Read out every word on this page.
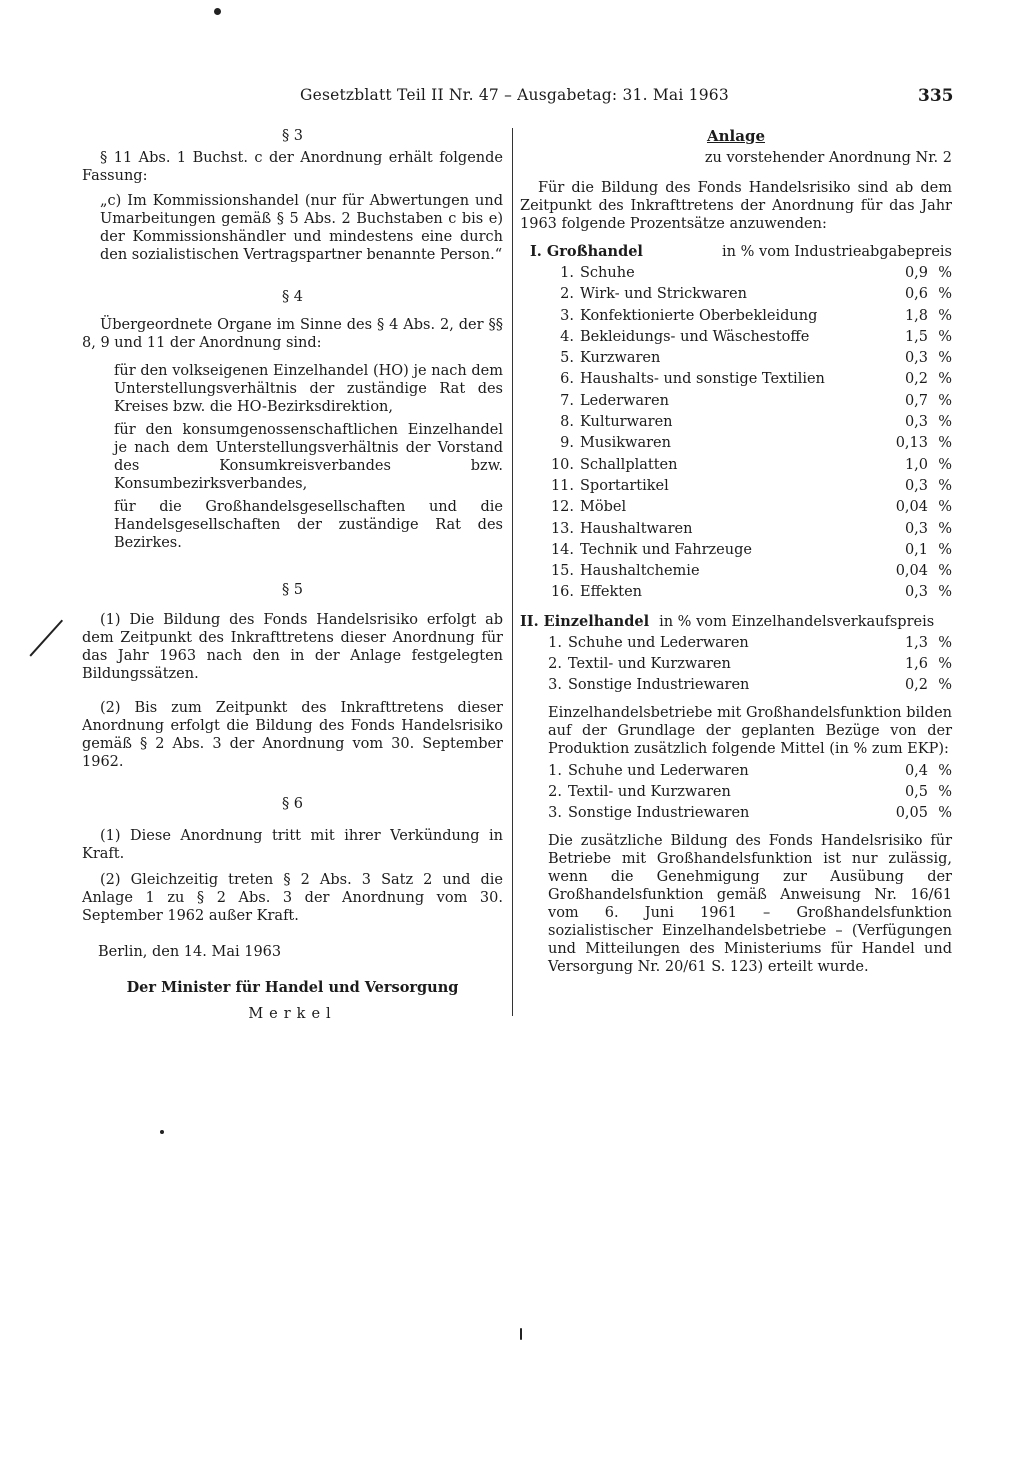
Gesetzblatt Teil II Nr. 47 – Ausgabetag: 31. Mai 1963	335
§ 3

§ 11 Abs. 1 Buchst. c der Anordnung erhält folgende Fassung:

„c) Im Kommissionshandel (nur für Abwertungen und Umarbeitungen gemäß § 5 Abs. 2 Buchstaben c bis e) der Kommissionshändler und mindestens eine durch den sozialistischen Vertragspartner benannte Person.“

§ 4

Übergeordnete Organe im Sinne des § 4 Abs. 2, der §§ 8, 9 und 11 der Anordnung sind:

für den volkseigenen Einzelhandel (HO) je nach dem Unterstellungsverhältnis der zuständige Rat des Kreises bzw. die HO-Bezirksdirektion,

für den konsumgenossenschaftlichen Einzelhandel je nach dem Unterstellungsverhältnis der Vorstand des Konsumkreisverbandes bzw. Konsumbezirksverbandes,

für die Großhandelsgesellschaften und die Handelsgesellschaften der zuständige Rat des Bezirkes.

§ 5

(1) Die Bildung des Fonds Handelsrisiko erfolgt ab dem Zeitpunkt des Inkrafttretens dieser Anordnung für das Jahr 1963 nach den in der Anlage festgelegten Bildungssätzen.

(2) Bis zum Zeitpunkt des Inkrafttretens dieser Anordnung erfolgt die Bildung des Fonds Handelsrisiko gemäß § 2 Abs. 3 der Anordnung vom 30. September 1962.

§ 6

(1) Diese Anordnung tritt mit ihrer Verkündung in Kraft.

(2) Gleichzeitig treten § 2 Abs. 3 Satz 2 und die Anlage 1 zu § 2 Abs. 3 der Anordnung vom 30. September 1962 außer Kraft.

Berlin, den 14. Mai 1963
Der Minister für Handel und Versorgung
Merkel
Anlage
zu vorstehender Anordnung Nr. 2

Für die Bildung des Fonds Handelsrisiko sind ab dem Zeitpunkt des Inkrafttretens der Anordnung für das Jahr 1963 folgende Prozentsätze anzuwenden:

I. Großhandel	in % vom Industrieabgabepreis
1. Schuhe	0,9 %
2. Wirk- und Strickwaren	0,6 %
3. Konfektionierte Oberbekleidung	1,8 %
4. Bekleidungs- und Wäschestoffe	1,5 %
5. Kurzwaren	0,3 %
6. Haushalts- und sonstige Textilien	0,2 %
7. Lederwaren	0,7 %
8. Kulturwaren	0,3 %
9. Musikwaren	0,13 %
10. Schallplatten	1,0 %
11. Sportartikel	0,3 %
12. Möbel	0,04 %
13. Haushaltwaren	0,3 %
14. Technik und Fahrzeuge	0,1 %
15. Haushaltchemie	0,04 %
16. Effekten	0,3 %
II. Einzelhandel in % vom Einzelhandelsverkaufspreis
1. Schuhe und Lederwaren	1,3 %
2. Textil- und Kurzwaren	1,6 %
3. Sonstige Industriewaren	0,2 %

Einzelhandelsbetriebe mit Großhandelsfunktion bilden auf der Grundlage der geplanten Bezüge von der Produktion zusätzlich folgende Mittel (in % zum EKP):

1. Schuhe und Lederwaren	0,4 %
2. Textil- und Kurzwaren	0,5 %
3. Sonstige Industriewaren	0,05 %

Die zusätzliche Bildung des Fonds Handelsrisiko für Betriebe mit Großhandelsfunktion ist nur zulässig, wenn die Genehmigung zur Ausübung der Großhandelsfunktion gemäß Anweisung Nr. 16/61 vom 6. Juni 1961 – Großhandelsfunktion sozialistischer Einzelhandelsbetriebe – (Verfügungen und Mitteilungen des Ministeriums für Handel und Versorgung Nr. 20/61 S. 123) erteilt wurde.
